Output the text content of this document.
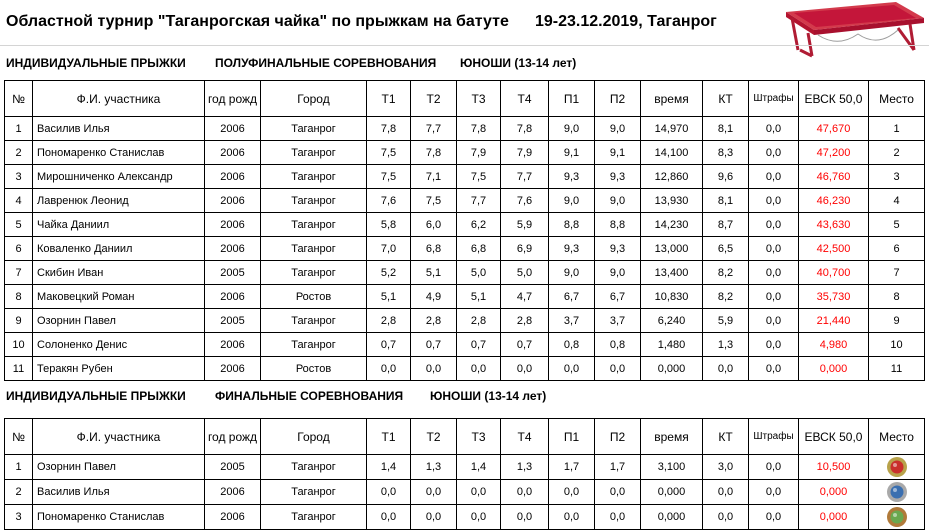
Областной турнир "Таганрогская чайка" по прыжкам на батуте 19-23.12.2019, Таганрог
ИНДИВИДУАЛЬНЫЕ ПРЫЖКИ ПОЛУФИНАЛЬНЫЕ СОРЕВНОВАНИЯ ЮНОШИ (13-14 лет)
№	Ф.И. участника	год рожд	Город	Т1	Т2	Т3	Т4	П1	П2	время	КТ	Штрафы	ЕВСК 50,0	Место
1	Василив Илья	2006	Таганрог	7,8	7,7	7,8	7,8	9,0	9,0	14,970	8,1	0,0	47,670	1
2	Пономаренко Станислав	2006	Таганрог	7,5	7,8	7,9	7,9	9,1	9,1	14,100	8,3	0,0	47,200	2
3	Мирошниченко Александр	2006	Таганрог	7,5	7,1	7,5	7,7	9,3	9,3	12,860	9,6	0,0	46,760	3
4	Лавренюк Леонид	2006	Таганрог	7,6	7,5	7,7	7,6	9,0	9,0	13,930	8,1	0,0	46,230	4
5	Чайка Даниил	2006	Таганрог	5,8	6,0	6,2	5,9	8,8	8,8	14,230	8,7	0,0	43,630	5
6	Коваленко Даниил	2006	Таганрог	7,0	6,8	6,8	6,9	9,3	9,3	13,000	6,5	0,0	42,500	6
7	Скибин Иван	2005	Таганрог	5,2	5,1	5,0	5,0	9,0	9,0	13,400	8,2	0,0	40,700	7
8	Маковецкий Роман	2006	Ростов	5,1	4,9	5,1	4,7	6,7	6,7	10,830	8,2	0,0	35,730	8
9	Озорнин Павел	2005	Таганрог	2,8	2,8	2,8	2,8	3,7	3,7	6,240	5,9	0,0	21,440	9
10	Солоненко Денис	2006	Таганрог	0,7	0,7	0,7	0,7	0,8	0,8	1,480	1,3	0,0	4,980	10
11	Теракян Рубен	2006	Ростов	0,0	0,0	0,0	0,0	0,0	0,0	0,000	0,0	0,0	0,000	11
ИНДИВИДУАЛЬНЫЕ ПРЫЖКИ ФИНАЛЬНЫЕ СОРЕВНОВАНИЯ ЮНОШИ (13-14 лет)
№	Ф.И. участника	год рожд	Город	Т1	Т2	Т3	Т4	П1	П2	время	КТ	Штрафы	ЕВСК 50,0	Место
1	Озорнин Павел	2005	Таганрог	1,4	1,3	1,4	1,3	1,7	1,7	3,100	3,0	0,0	10,500	
2	Василив Илья	2006	Таганрог	0,0	0,0	0,0	0,0	0,0	0,0	0,000	0,0	0,0	0,000	
3	Пономаренко Станислав	2006	Таганрог	0,0	0,0	0,0	0,0	0,0	0,0	0,000	0,0	0,0	0,000	
